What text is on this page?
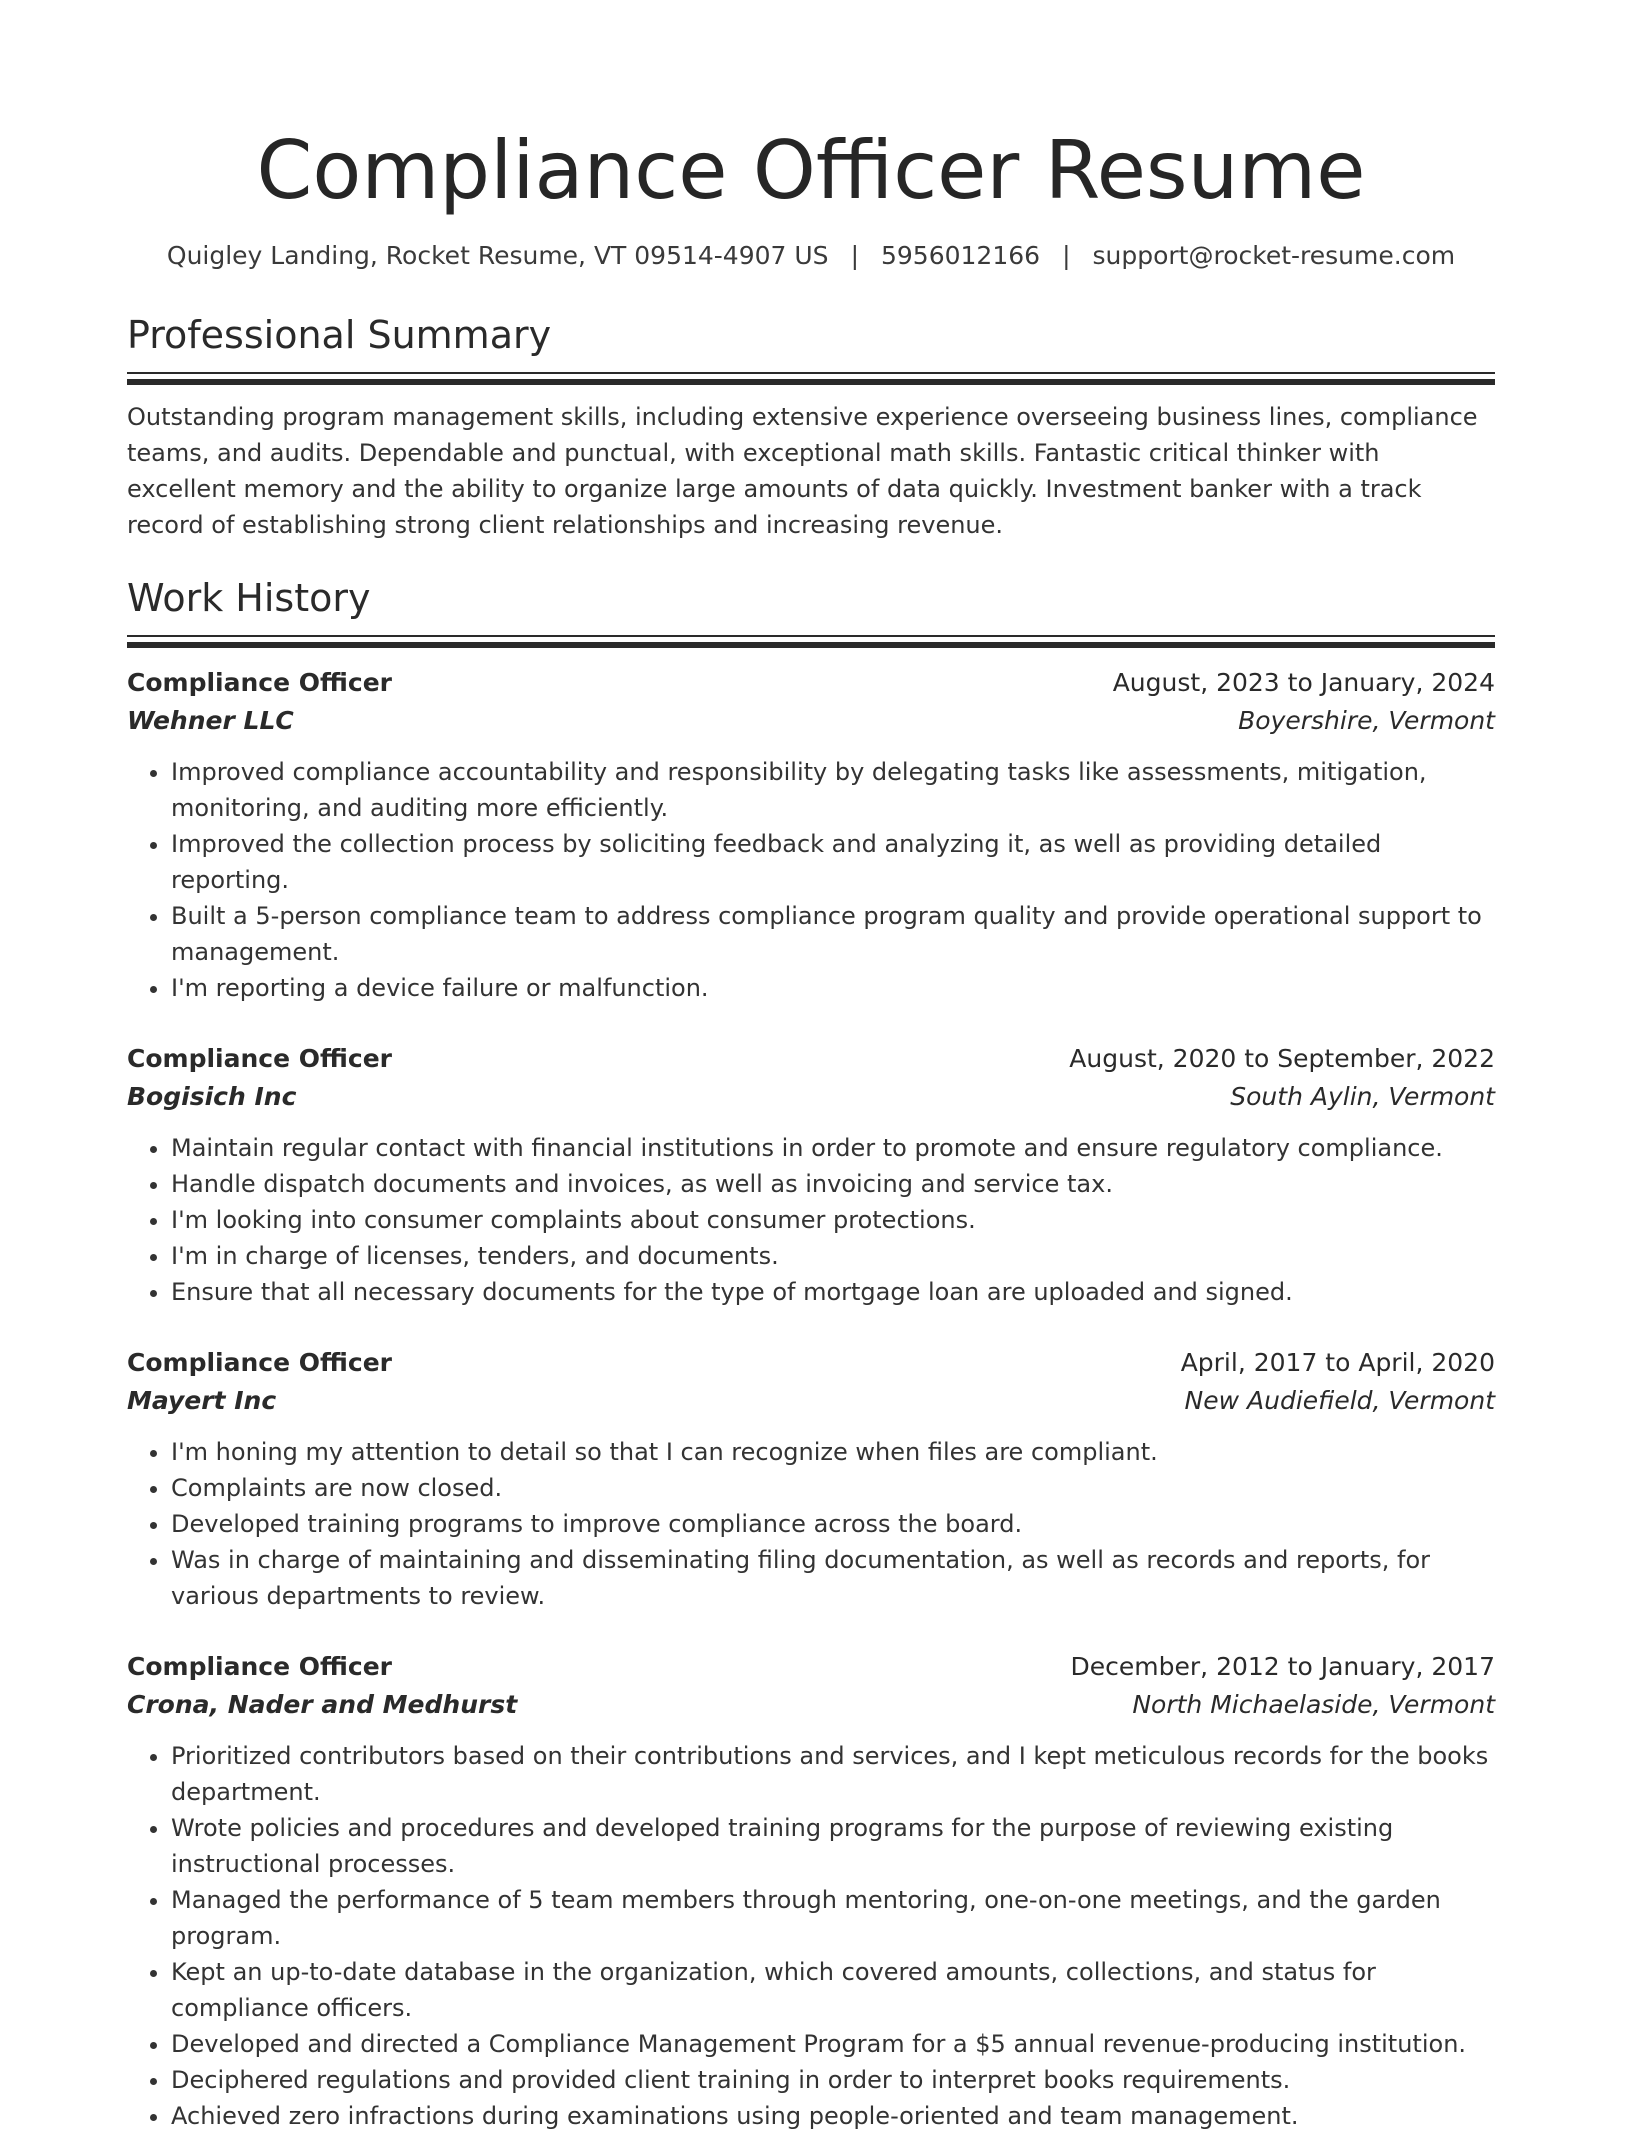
Compliance Officer Resume
Quigley Landing, Rocket Resume, VT 09514-4907 US | 5956012166 | support@rocket-resume.com
Professional Summary

Outstanding program management skills, including extensive experience overseeing business lines, compliance teams, and audits. Dependable and punctual, with exceptional math skills. Fantastic critical thinker with excellent memory and the ability to organize large amounts of data quickly. Investment banker with a track record of establishing strong client relationships and increasing revenue.

Work History
Compliance Officer	August, 2023 to January, 2024
Wehner LLC	Boyershire, Vermont
• Improved compliance accountability and responsibility by delegating tasks like assessments, mitigation, monitoring, and auditing more efficiently.
• Improved the collection process by soliciting feedback and analyzing it, as well as providing detailed reporting.
• Built a 5-person compliance team to address compliance program quality and provide operational support to management.
• I'm reporting a device failure or malfunction.
Compliance Officer	August, 2020 to September, 2022
Bogisich Inc	South Aylin, Vermont
• Maintain regular contact with financial institutions in order to promote and ensure regulatory compliance.
• Handle dispatch documents and invoices, as well as invoicing and service tax.
• I'm looking into consumer complaints about consumer protections.
• I'm in charge of licenses, tenders, and documents.
• Ensure that all necessary documents for the type of mortgage loan are uploaded and signed.
Compliance Officer	April, 2017 to April, 2020
Mayert Inc	New Audiefield, Vermont
• I'm honing my attention to detail so that I can recognize when files are compliant.
• Complaints are now closed.
• Developed training programs to improve compliance across the board.
• Was in charge of maintaining and disseminating filing documentation, as well as records and reports, for various departments to review.
Compliance Officer	December, 2012 to January, 2017
Crona, Nader and Medhurst	North Michaelaside, Vermont
• Prioritized contributors based on their contributions and services, and I kept meticulous records for the books department.
• Wrote policies and procedures and developed training programs for the purpose of reviewing existing instructional processes.
• Managed the performance of 5 team members through mentoring, one-on-one meetings, and the garden program.
• Kept an up-to-date database in the organization, which covered amounts, collections, and status for compliance officers.
• Developed and directed a Compliance Management Program for a $5 annual revenue-producing institution.
• Deciphered regulations and provided client training in order to interpret books requirements.
• Achieved zero infractions during examinations using people-oriented and team management.
